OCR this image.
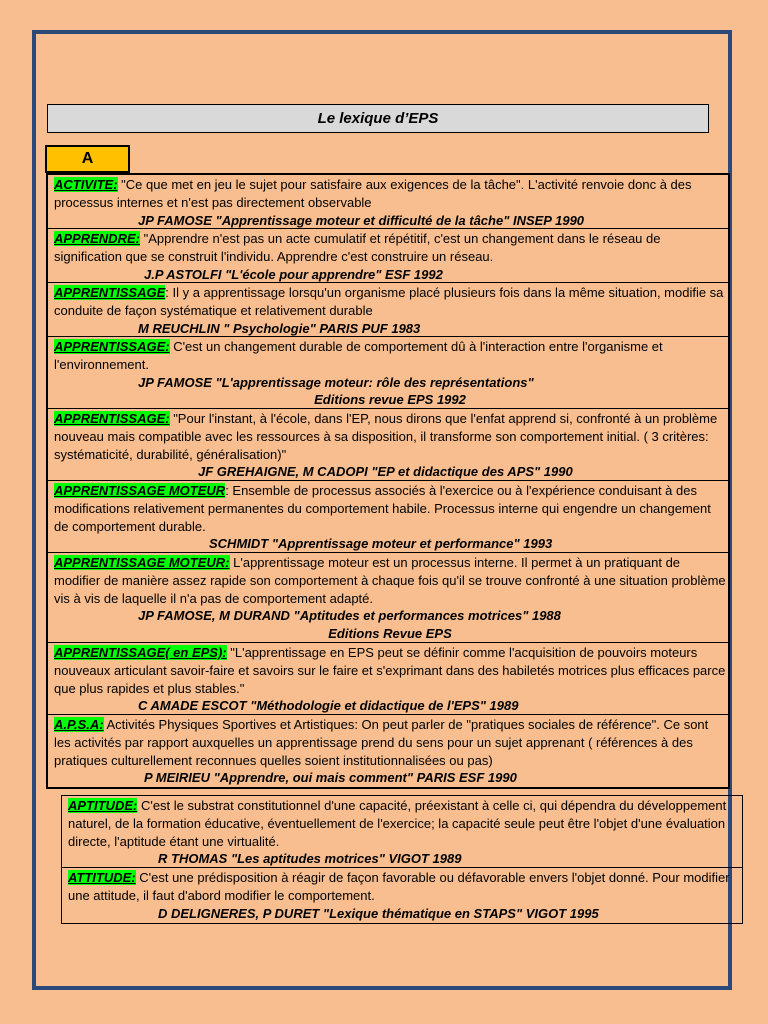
Le lexique d’EPS
A
ACTIVITE: "Ce que met en jeu le sujet pour satisfaire aux exigences de la tâche". L'activité renvoie donc à des processus internes et n'est pas directement observable
JP FAMOSE "Apprentissage moteur et difficulté de la tâche" INSEP 1990
APPRENDRE: "Apprendre n'est pas un acte cumulatif et répétitif, c'est un changement dans le réseau de signification que se construit l'individu. Apprendre c'est construire un réseau.
J.P ASTOLFI "L'école pour apprendre" ESF 1992
APPRENTISSAGE: Il y a apprentissage lorsqu'un organisme placé plusieurs fois dans la même situation, modifie sa conduite de façon systématique et relativement durable
M REUCHLIN " Psychologie" PARIS PUF 1983
APPRENTISSAGE: C'est un changement durable de comportement dû à l'interaction entre l'organisme et l'environnement.
JP FAMOSE "L'apprentissage moteur: rôle des représentations"
Editions revue EPS 1992
APPRENTISSAGE: "Pour l'instant, à l'école, dans l'EP, nous dirons que l'enfat apprend si, confronté à un problème nouveau mais compatible avec les ressources à sa disposition, il transforme son comportement initial. ( 3 critères: systématicité, durabilité, généralisation)"
JF GREHAIGNE, M CADOPI "EP et didactique des APS" 1990
APPRENTISSAGE MOTEUR: Ensemble de processus associés à l'exercice ou à l'expérience conduisant à des modifications relativement permanentes du comportement habile. Processus interne qui engendre un changement de comportement durable.
SCHMIDT "Apprentissage moteur et performance" 1993
APPRENTISSAGE MOTEUR: L'apprentissage moteur est un processus interne. Il permet à un pratiquant de modifier de manière assez rapide son comportement à chaque fois qu'il se trouve confronté à une situation problème vis à vis de laquelle il n'a pas de comportement adapté.
JP FAMOSE, M DURAND "Aptitudes et performances motrices" 1988
Editions Revue EPS
APPRENTISSAGE( en EPS): "L'apprentissage en EPS peut se définir comme l'acquisition de pouvoirs moteurs nouveaux articulant savoir-faire et savoirs sur le faire et s'exprimant dans des habiletés motrices plus efficaces parce que plus rapides et plus stables."
C AMADE ESCOT "Méthodologie et didactique de l'EPS" 1989
A.P.S.A: Activités Physiques Sportives et Artistiques: On peut parler de "pratiques sociales de référence". Ce sont les activités par rapport auxquelles un apprentissage prend du sens pour un sujet apprenant ( références à des pratiques culturellement reconnues quelles soient institutionnalisées ou pas)
P MEIRIEU "Apprendre, oui mais comment" PARIS ESF 1990
APTITUDE: C'est le substrat constitutionnel d'une capacité, préexistant à celle ci, qui dépendra du développement naturel, de la formation éducative, éventuellement de l'exercice; la capacité seule peut être l'objet d'une évaluation directe, l'aptitude étant une virtualité.
R THOMAS "Les aptitudes motrices" VIGOT 1989
ATTITUDE: C'est une prédisposition à réagir de façon favorable ou défavorable envers l'objet donné. Pour modifier une attitude, il faut d'abord modifier le comportement.
D DELIGNERES, P DURET "Lexique thématique en STAPS" VIGOT 1995
